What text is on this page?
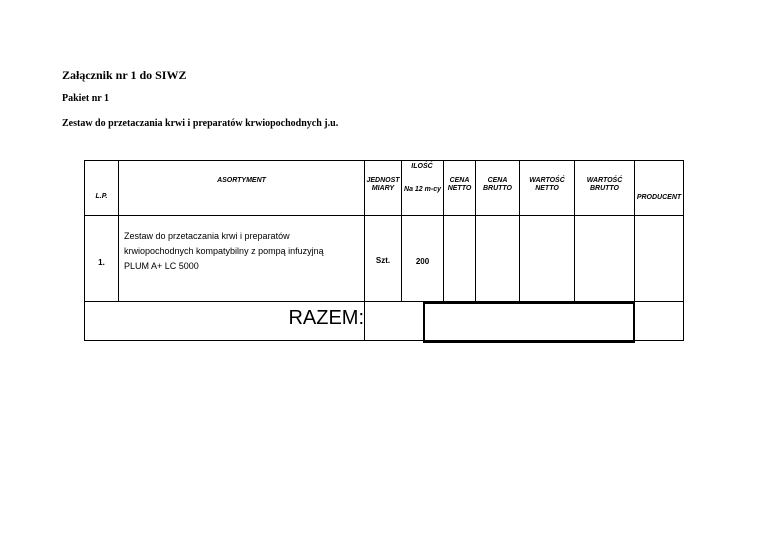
Załącznik nr 1 do SIWZ
Pakiet nr 1
Zestaw do przetaczania krwi i preparatów krwiopochodnych j.u.
L.P.
ASORTYMENT	JEDNOST
MIARY
ILOŚĆ
Na 12 m-cy
CENA
NETTO
CENA
BRUTTO
WARTOŚĆ
NETTO
WARTOŚĆ
BRUTTO
PRODUCENT
1.
Zestaw do przetaczania krwi i preparatów
krwiopochodnych kompatybilny z pompą infuzyjną
PLUM A+ LC 5000
Szt.	200
RAZEM:
